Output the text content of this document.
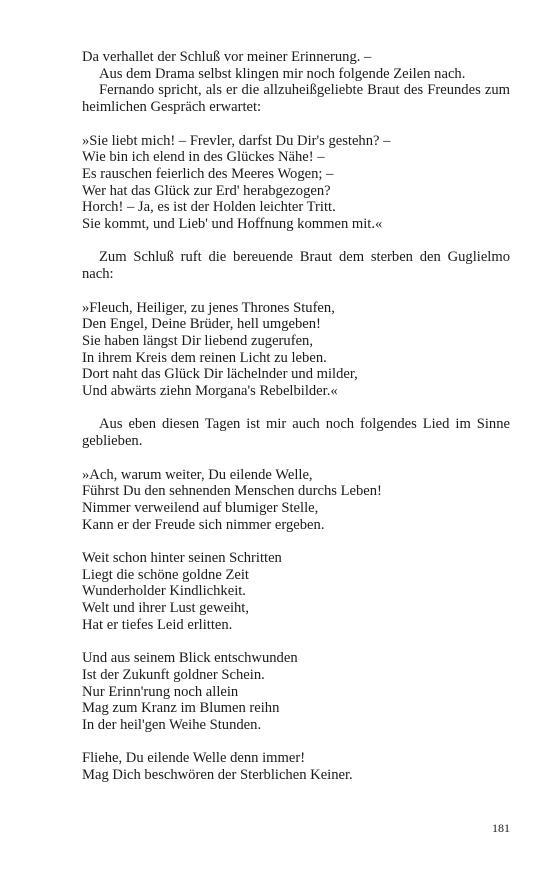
Da verhallet der Schluß vor meiner Erinnerung. –

Aus dem Drama selbst klingen mir noch folgende Zeilen nach.

Fernando spricht, als er die allzuheißgeliebte Braut des Freundes zum heimlichen Gespräch erwartet:

»Sie liebt mich! – Frevler, darfst Du Dir's gestehn? –
Wie bin ich elend in des Glückes Nähe! –
Es rauschen feierlich des Meeres Wogen; –
Wer hat das Glück zur Erd' herabgezogen?
Horch! – Ja, es ist der Holden leichter Tritt.
Sie kommt, und Lieb' und Hoffnung kommen mit.«

Zum Schluß ruft die bereuende Braut dem sterben den Guglielmo nach:

»Fleuch, Heiliger, zu jenes Thrones Stufen,
Den Engel, Deine Brüder, hell umgeben!
Sie haben längst Dir liebend zugerufen,
In ihrem Kreis dem reinen Licht zu leben.
Dort naht das Glück Dir lächelnder und milder,
Und abwärts ziehn Morgana's Rebelbilder.«

Aus eben diesen Tagen ist mir auch noch folgendes Lied im Sinne geblieben.

»Ach, warum weiter, Du eilende Welle,
Führst Du den sehnenden Menschen durchs Leben!
Nimmer verweilend auf blumiger Stelle,
Kann er der Freude sich nimmer ergeben.
Weit schon hinter seinen Schritten
Liegt die schöne goldne Zeit
Wunderholder Kindlichkeit.
Welt und ihrer Lust geweiht,
Hat er tiefes Leid erlitten.
Und aus seinem Blick entschwunden
Ist der Zukunft goldner Schein.
Nur Erinn'rung noch allein
Mag zum Kranz im Blumen reihn
In der heil'gen Weihe Stunden.
Fliehe, Du eilende Welle denn immer!
Mag Dich beschwören der Sterblichen Keiner.
181
